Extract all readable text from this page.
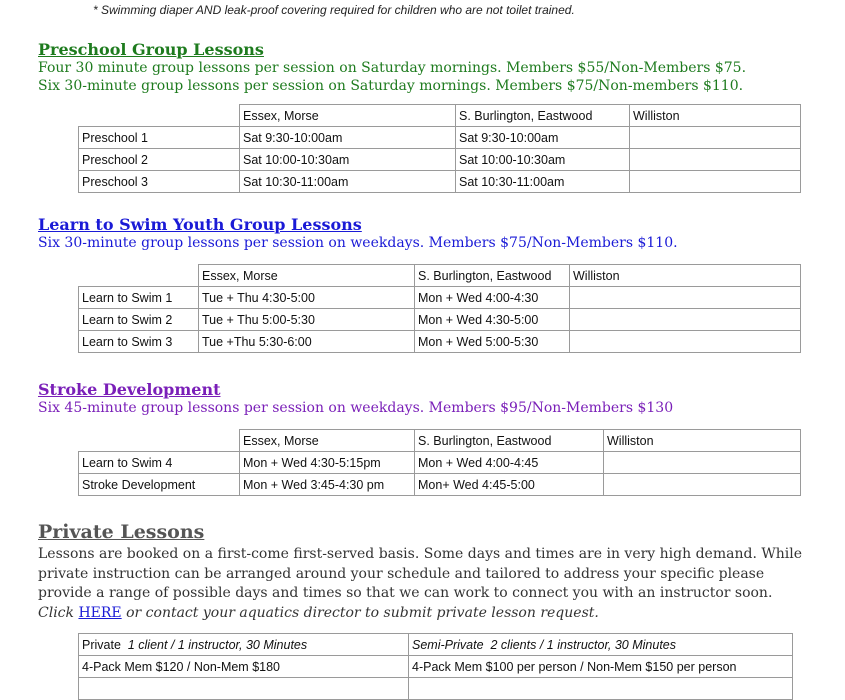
* Swimming diaper AND leak-proof covering required for children who are not toilet trained.
Preschool Group Lessons
Four 30 minute group lessons per session on Saturday mornings. Members $55/Non-Members $75.
Six 30-minute group lessons per session on Saturday mornings. Members $75/Non-members $110.
	Essex, Morse	S. Burlington, Eastwood	Williston
Preschool 1	Sat 9:30-10:00am	Sat 9:30-10:00am	
Preschool 2	Sat 10:00-10:30am	Sat 10:00-10:30am	
Preschool 3	Sat 10:30-11:00am	Sat 10:30-11:00am	
Learn to Swim Youth Group Lessons
Six 30-minute group lessons per session on weekdays. Members $75/Non-Members $110.
	Essex, Morse	S. Burlington, Eastwood	Williston
Learn to Swim 1	Tue + Thu 4:30-5:00	Mon + Wed 4:00-4:30	
Learn to Swim 2	Tue + Thu 5:00-5:30	Mon + Wed 4:30-5:00	
Learn to Swim 3	Tue +Thu 5:30-6:00	Mon + Wed 5:00-5:30	
Stroke Development
Six 45-minute group lessons per session on weekdays. Members $95/Non-Members $130
	Essex, Morse	S. Burlington, Eastwood	Williston
Learn to Swim 4	Mon + Wed 4:30-5:15pm	Mon + Wed 4:00-4:45	
Stroke Development	Mon + Wed 3:45-4:30 pm	Mon+ Wed 4:45-5:00	
Private Lessons
Lessons are booked on a first-come first-served basis. Some days and times are in very high demand. While
private instruction can be arranged around your schedule and tailored to address your specific please
provide a range of possible days and times so that we can work to connect you with an instructor soon.
Click HERE or contact your aquatics director to submit private lesson request.
Private 1 client / 1 instructor, 30 Minutes	Semi-Private 2 clients / 1 instructor, 30 Minutes
4-Pack Mem $120 / Non-Mem $180	4-Pack Mem $100 per person / Non-Mem $150 per person
